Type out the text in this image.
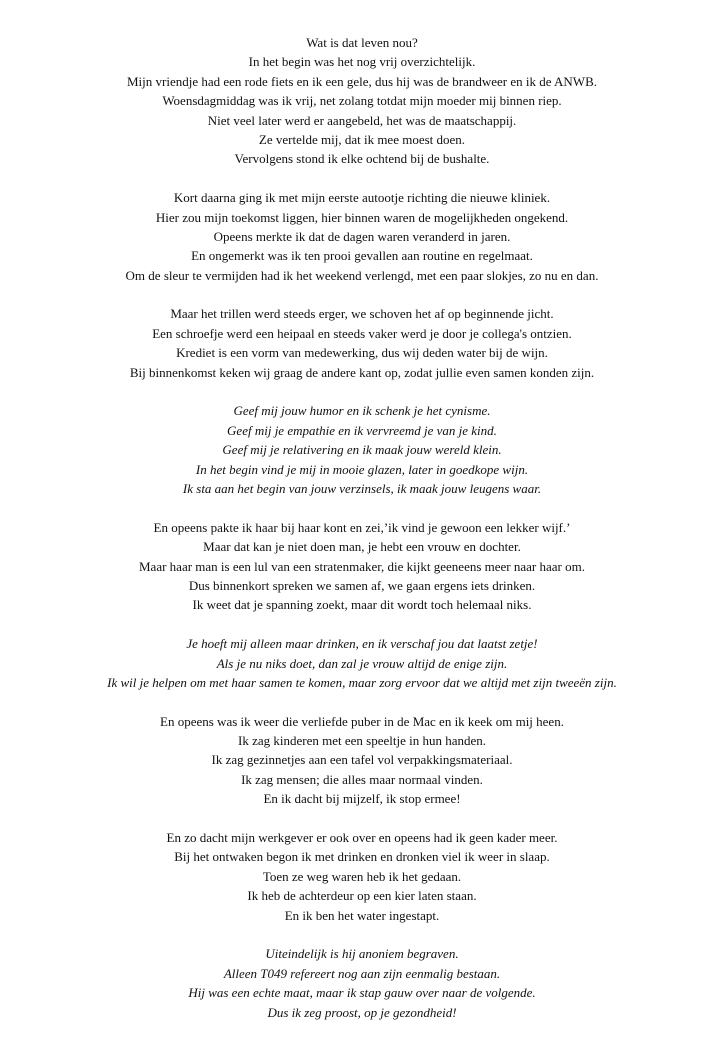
Wat is dat leven nou?
In het begin was het nog vrij overzichtelijk.
Mijn vriendje had een rode fiets en ik een gele, dus hij was de brandweer en ik de ANWB.
Woensdagmiddag was ik vrij, net zolang totdat mijn moeder mij binnen riep.
Niet veel later werd er aangebeld, het was de maatschappij.
Ze vertelde mij, dat ik mee moest doen.
Vervolgens stond ik elke ochtend bij de bushalte.
Kort daarna ging ik met mijn eerste autootje richting die nieuwe kliniek.
Hier zou mijn toekomst liggen, hier binnen waren de mogelijkheden ongekend.
Opeens merkte ik dat de dagen waren veranderd in jaren.
En ongemerkt was ik ten prooi gevallen aan routine en regelmaat.
Om de sleur te vermijden had ik het weekend verlengd, met een paar slokjes, zo nu en dan.
Maar het trillen werd steeds erger, we schoven het af op beginnende jicht.
Een schroefje werd een heipaal en steeds vaker werd je door je collega's ontzien.
Krediet is een vorm van medewerking, dus wij deden water bij de wijn.
Bij binnenkomst keken wij graag de andere kant op, zodat jullie even samen konden zijn.
Geef mij jouw humor en ik schenk je het cynisme.
Geef mij je empathie en ik vervreemd je van je kind.
Geef mij je relativering en ik maak jouw wereld klein.
In het begin vind je mij in mooie glazen, later in goedkope wijn.
Ik sta aan het begin van jouw verzinsels, ik maak jouw leugens waar.
En opeens pakte ik haar bij haar kont en zei,’ik vind je gewoon een lekker wijf.’
Maar dat kan je niet doen man, je hebt een vrouw en dochter.
Maar haar man is een lul van een stratenmaker, die kijkt geeneens meer naar haar om.
Dus binnenkort spreken we samen af, we gaan ergens iets drinken.
Ik weet dat je spanning zoekt, maar dit wordt toch helemaal niks.
Je hoeft mij alleen maar drinken, en ik verschaf jou dat laatst zetje!
Als je nu niks doet, dan zal je vrouw altijd de enige zijn.
Ik wil je helpen om met haar samen te komen, maar zorg ervoor dat we altijd met zijn tweeën zijn.
En opeens was ik weer die verliefde puber in de Mac en ik keek om mij heen.
Ik zag kinderen met een speeltje in hun handen.
Ik zag gezinnetjes aan een tafel vol verpakkingsmateriaal.
Ik zag mensen; die alles maar normaal vinden.
En ik dacht bij mijzelf, ik stop ermee!
En zo dacht mijn werkgever er ook over en opeens had ik geen kader meer.
Bij het ontwaken begon ik met drinken en dronken viel ik weer in slaap.
Toen ze weg waren heb ik het gedaan.
Ik heb de achterdeur op een kier laten staan.
En ik ben het water ingestapt.
Uiteindelijk is hij anoniem begraven.
Alleen T049 refereert nog aan zijn eenmalig bestaan.
Hij was een echte maat, maar ik stap gauw over naar de volgende.
Dus ik zeg proost, op je gezondheid!
